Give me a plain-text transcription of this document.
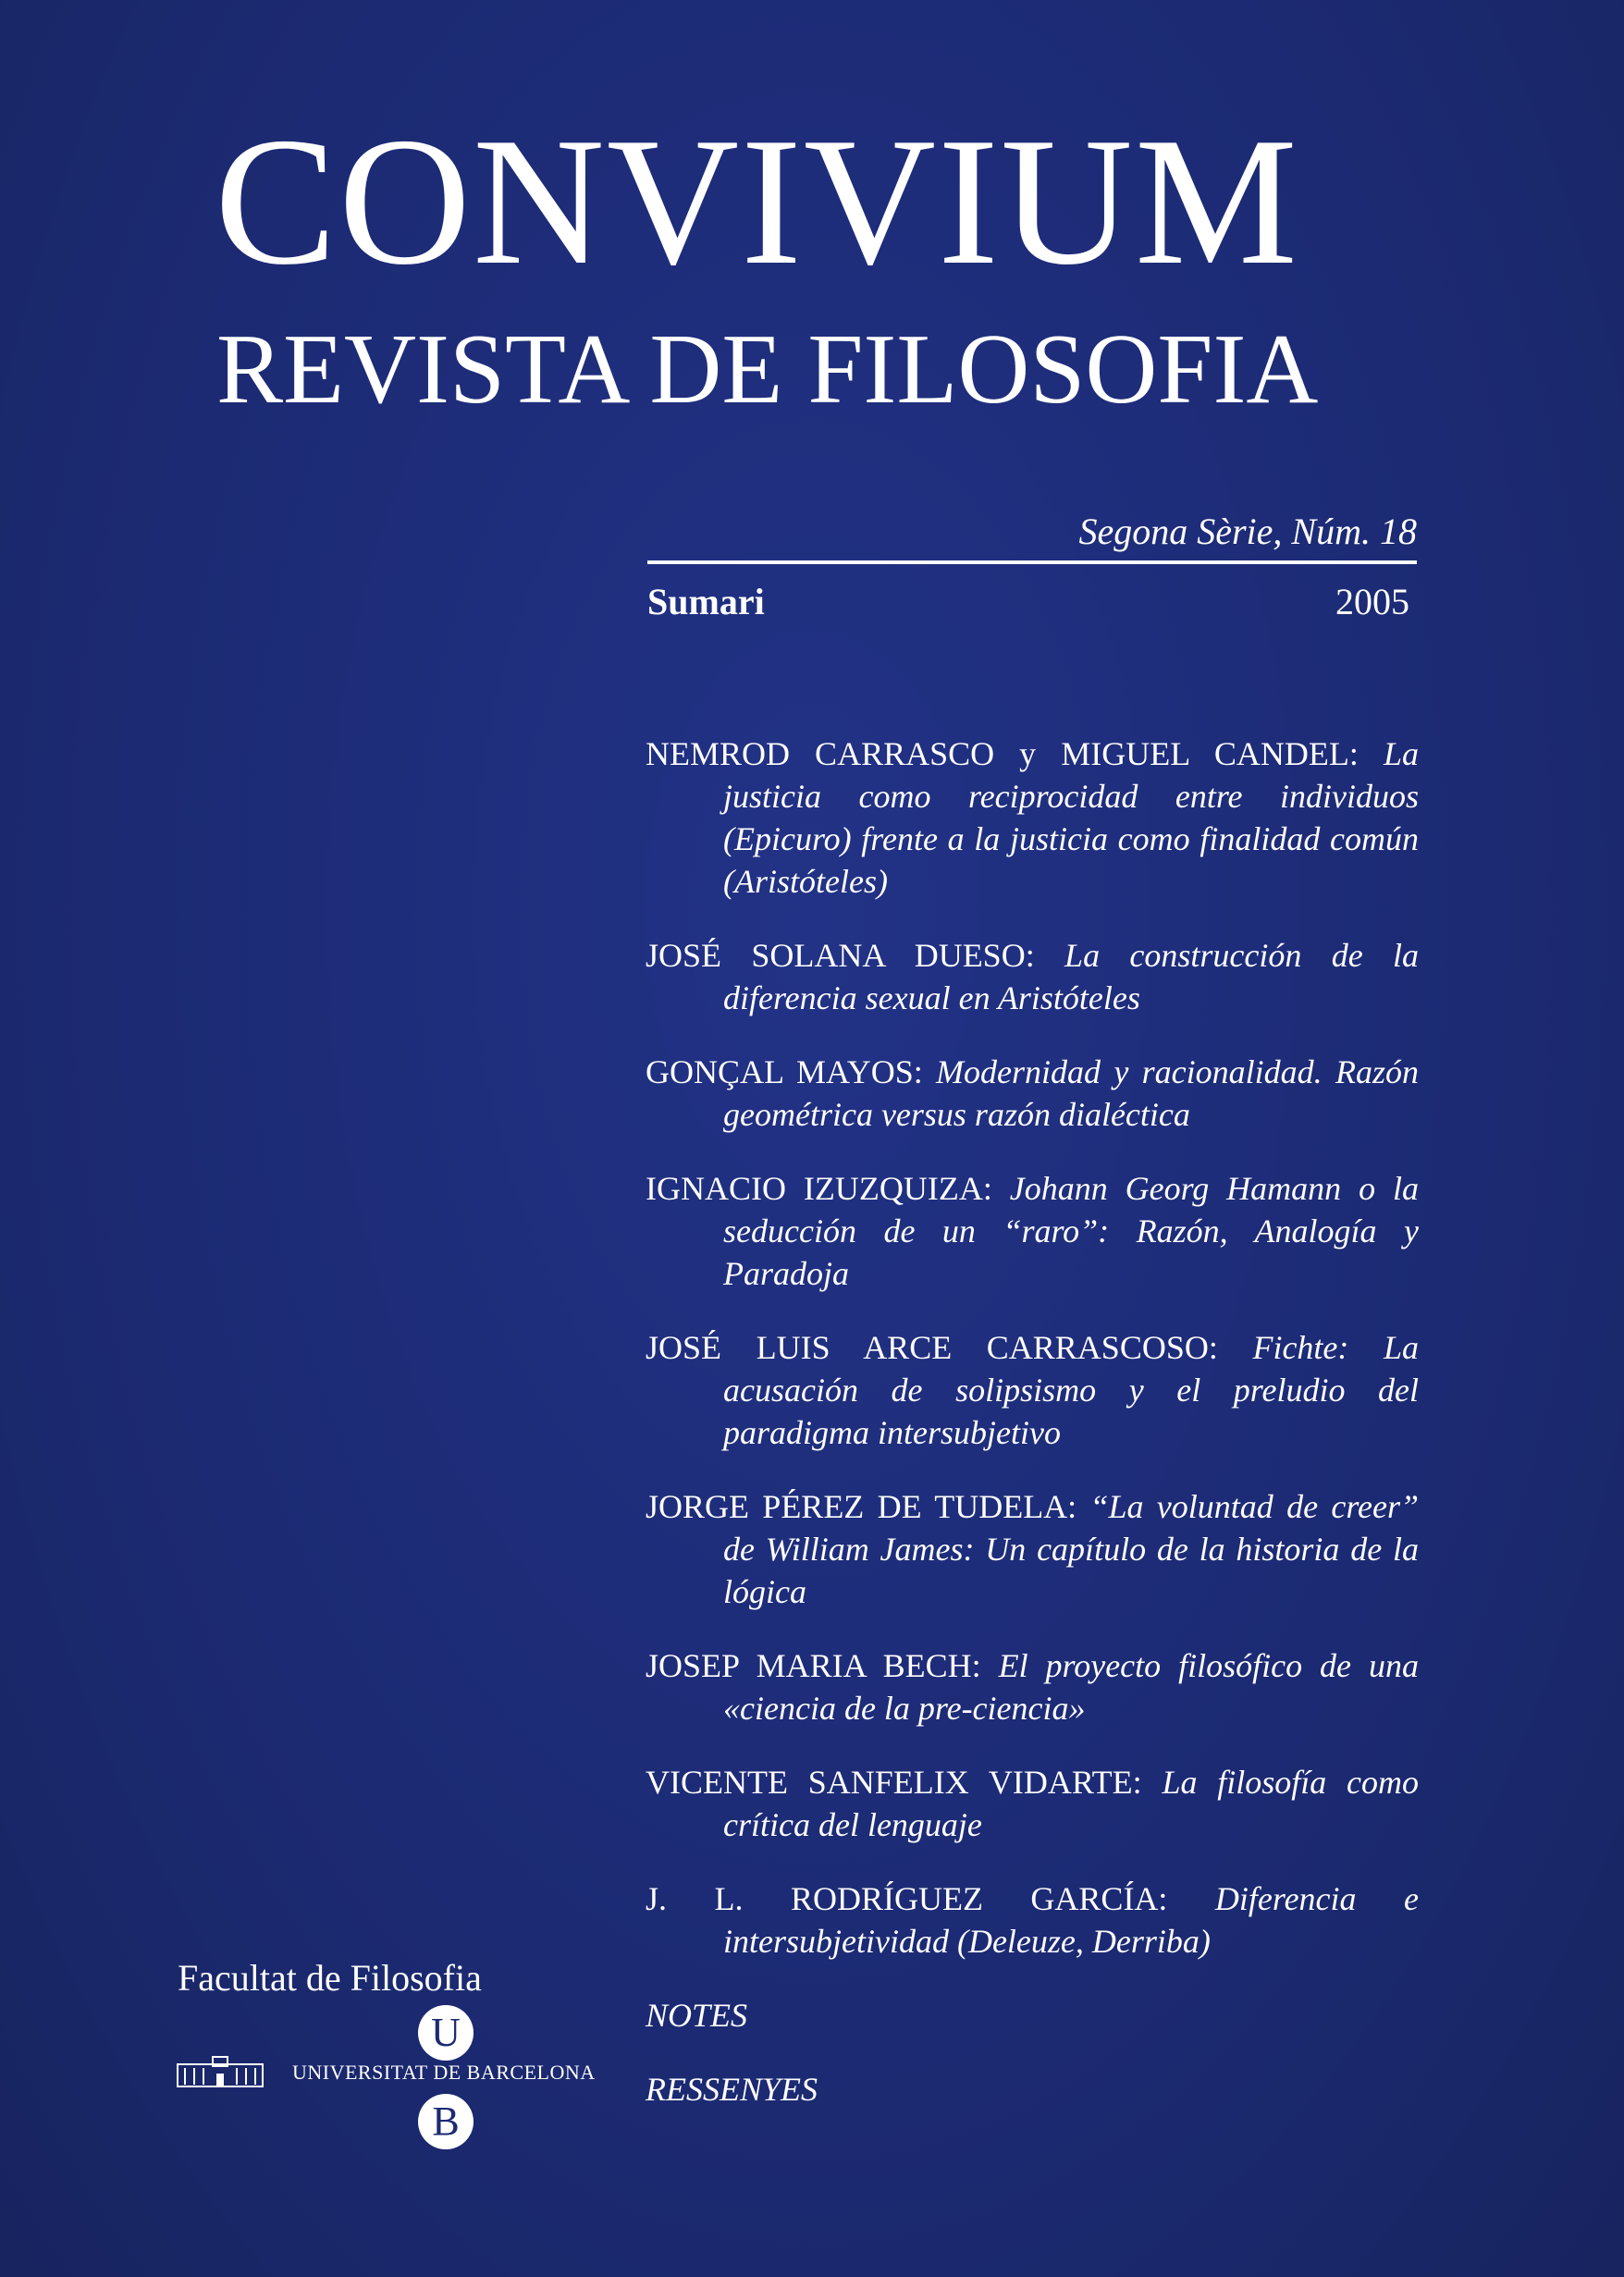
CONVIVIUM
REVISTA DE FILOSOFIA
Segona Sèrie, Núm. 18
Sumari	2005
NEMROD CARRASCO y MIGUEL CANDEL: La justicia como reciprocidad entre individuos (Epicuro) frente a la justicia como finalidad común (Aristóteles)
JOSÉ SOLANA DUESO: La construcción de la diferencia sexual en Aristóteles
GONÇAL MAYOS: Modernidad y racionalidad. Razón geométrica versus razón dialéctica
IGNACIO IZUZQUIZA: Johann Georg Hamann o la seducción de un “raro”: Razón, Analogía y Paradoja
JOSÉ LUIS ARCE CARRASCOSO: Fichte: La acusación de solipsismo y el preludio del paradigma intersubjetivo
JORGE PÉREZ DE TUDELA: “La voluntad de creer” de William James: Un capítulo de la historia de la lógica
JOSEP MARIA BECH: El proyecto filosófico de una «ciencia de la pre-ciencia»
VICENTE SANFELIX VIDARTE: La filosofía como crítica del lenguaje
J. L. RODRÍGUEZ GARCÍA: Diferencia e intersubjetividad (Deleuze, Derriba)
NOTES
RESSENYES
Facultat de Filosofia
U
UNIVERSITAT DE BARCELONA
B
